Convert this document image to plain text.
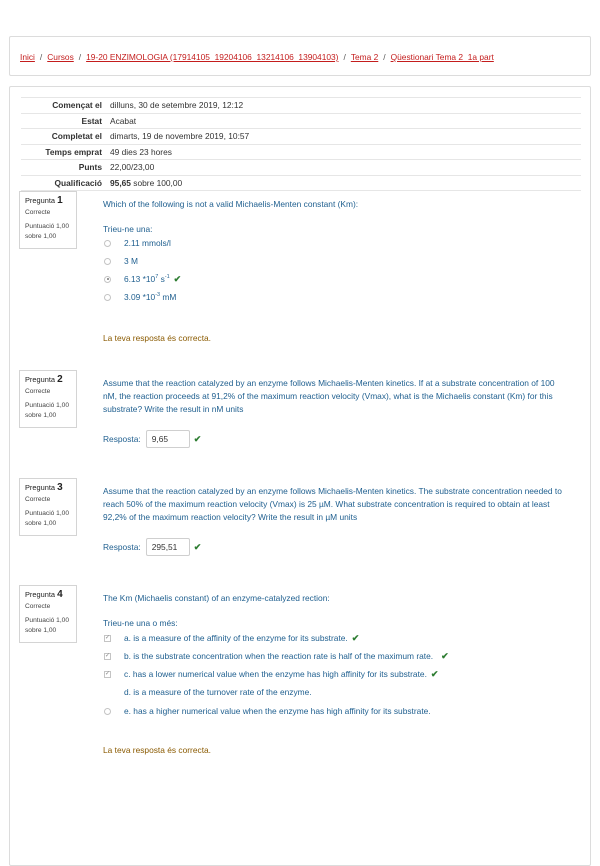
Inici / Cursos / 19-20 ENZIMOLOGIA (17914105_19204106_13214106_13904103) / Tema 2 / Qüestionari Tema 2_1a part
Començat el	dilluns, 30 de setembre 2019, 12:12
Estat	Acabat
Completat el	dimarts, 19 de novembre 2019, 10:57
Temps emprat	49 dies 23 hores
Punts	22,00/23,00
Qualificació	95,65 sobre 100,00
Pregunta 1
Correcte
Puntuació 1,00
sobre 1,00
Which of the following is not a valid Michaelis-Menten constant (Km):
Trieu-ne una:
2.11 mmols/l
3 M
6.13 $*10^7$ $s^{-1}$ ✔
3.09 $*10^{-3}$ mM
La teva resposta és correcta.
Pregunta 2
Correcte
Puntuació 1,00
sobre 1,00
Assume that the reaction catalyzed by an enzyme follows Michaelis-Menten kinetics. If at a substrate concentration of 100 nM, the reaction proceeds at 91,2% of the maximum reaction velocity (Vmax), what is the Michaelis constant (Km) for this substrate? Write the result in nM units
Resposta:	9,65	✔
Pregunta 3
Correcte
Puntuació 1,00
sobre 1,00
Assume that the reaction catalyzed by an enzyme follows Michaelis-Menten kinetics. The substrate concentration needed to reach 50% of the maximum reaction velocity (Vmax) is 25 µM. What substrate concentration is required to obtain at least 92,2% of the maximum reaction velocity? Write the result in µM units
Resposta:	295,51	✔
Pregunta 4
Correcte
Puntuació 1,00
sobre 1,00
The Km (Michaelis constant) of an enzyme-catalyzed rection:
Trieu-ne una o més:
✓ a. is a measure of the affinity of the enzyme for its substrate. ✔
✓ b. is the substrate concentration when the reaction rate is half of the maximum rate. ✔
✓ c. has a lower numerical value when the enzyme has high affinity for its substrate. ✔
d. is a measure of the turnover rate of the enzyme.
e. has a higher numerical value when the enzyme has high affinity for its substrate.
La teva resposta és correcta.
